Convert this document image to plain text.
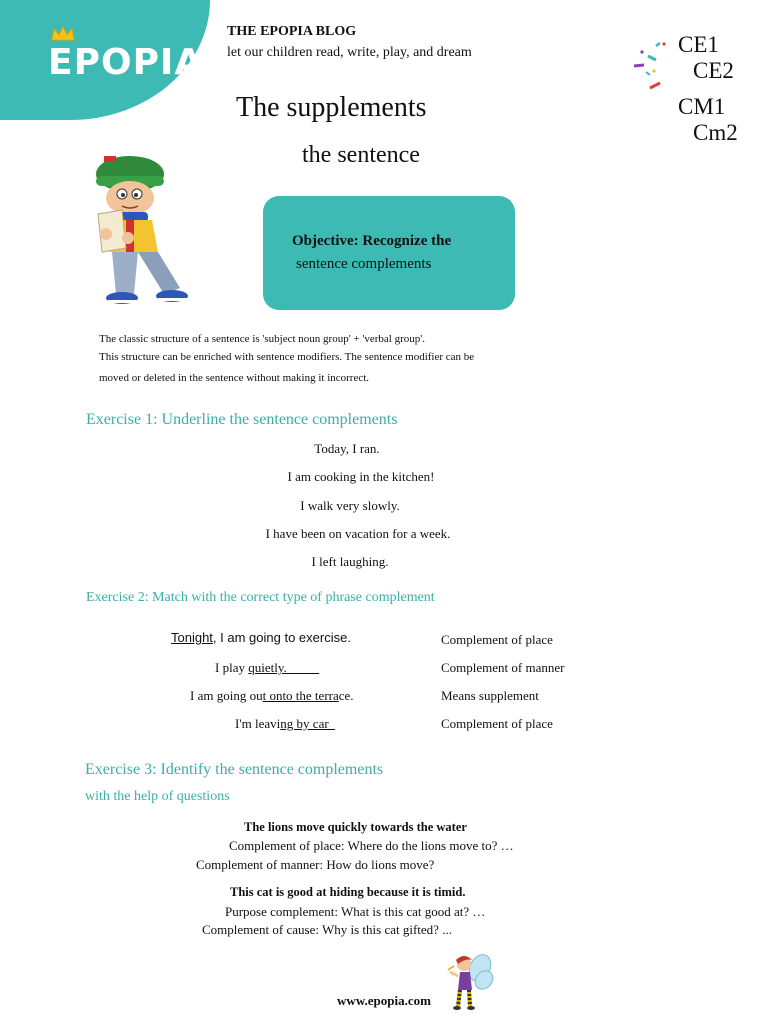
EPOPIA
THE EPOPIA BLOG
let our children read, write, play, and dream	CE1
CE2
CM1
Cm2
The supplements
the sentence
Objective: Recognize the
sentence complements
The classic structure of a sentence is 'subject noun group' + 'verbal group'.
This structure can be enriched with sentence modifiers. The sentence modifier can be
moved or deleted in the sentence without making it incorrect.
Exercise 1: Underline the sentence complements
Today, I ran.
I am cooking in the kitchen!
I walk very slowly.
I have been on vacation for a week.
I left laughing.
Exercise 2: Match with the correct type of phrase complement
Tonight, I am going to exercise.
I play quietly.
I am going out onto the terrace.
I'm leaving by car
Complement of place
Complement of manner
Means supplement
Complement of place
Exercise 3: Identify the sentence complements
with the help of questions
The lions move quickly towards the water
Complement of place: Where do the lions move to? …
Complement of manner: How do lions move?
This cat is good at hiding because it is timid.
Purpose complement: What is this cat good at? …
Complement of cause: Why is this cat gifted? ...
www.epopia.com
